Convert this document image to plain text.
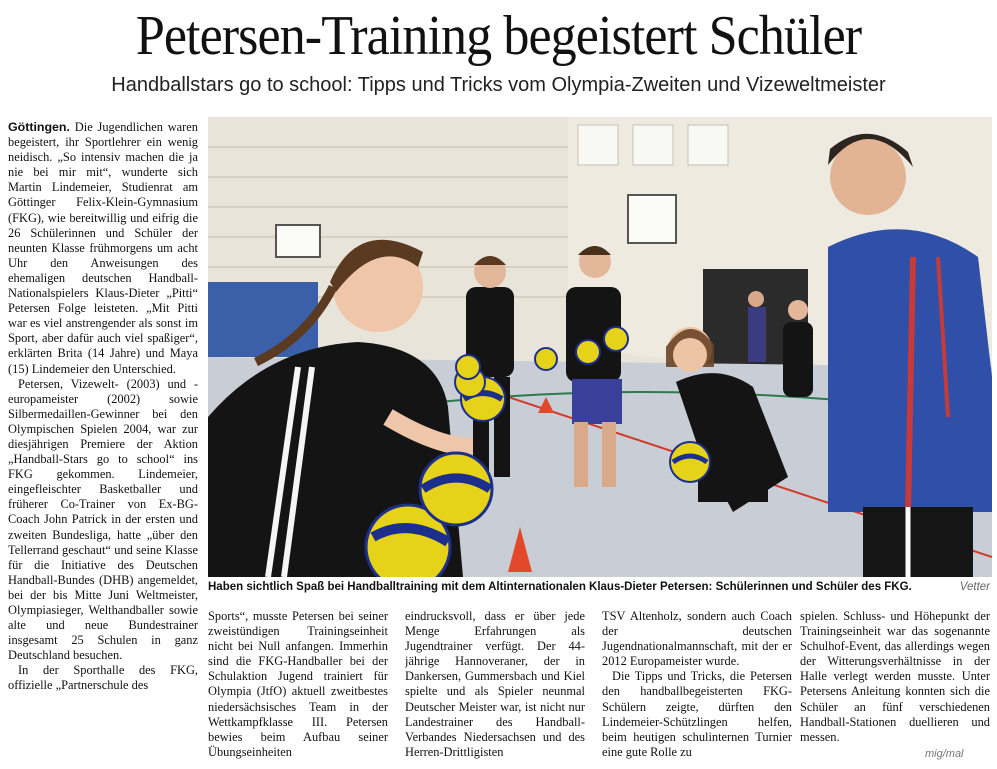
Petersen-Training begeistert Schüler
Handballstars go to school: Tipps und Tricks vom Olympia-Zweiten und Vizeweltmeister

Göttingen. Die Jugendlichen waren begeistert, ihr Sportlehrer ein wenig neidisch. „So intensiv machen die ja nie bei mir mit“, wunderte sich Martin Lindemeier, Studienrat am Göttinger Felix-Klein-Gymnasium (FKG), wie bereitwillig und eifrig die 26 Schülerinnen und Schüler der neunten Klasse frühmorgens um acht Uhr den Anweisungen des ehemaligen deutschen Handball-Nationalspielers Klaus-Dieter „Pitti“ Petersen Folge leisteten. „Mit Pitti war es viel anstrengender als sonst im Sport, aber dafür auch viel spaßiger“, erklärten Brita (14 Jahre) und Maya (15) Lindemeier den Unterschied.

Petersen, Vizewelt- (2003) und -europameister (2002) sowie Silbermedaillen-Gewinner bei den Olympischen Spielen 2004, war zur diesjährigen Premiere der Aktion „Handball-Stars go to school“ ins FKG gekommen. Lindemeier, eingefleischter Basketballer und früherer Co-Trainer von Ex-BG-Coach John Patrick in der ersten und zweiten Bundesliga, hatte „über den Tellerrand geschaut“ und seine Klasse für die Initiative des Deutschen Handball-Bundes (DHB) angemeldet, bei der bis Mitte Juni Weltmeister, Olympiasieger, Welthandballer sowie alte und neue Bundestrainer insgesamt 25 Schulen in ganz Deutschland besuchen.

In der Sporthalle des FKG, offizielle „Partnerschule des

Haben sichtlich Spaß bei Handballtraining mit dem Altinternationalen Klaus-Dieter Petersen: Schülerinnen und Schüler des FKG.	Vetter

Sports“, musste Petersen bei seiner zweistündigen Trainingseinheit nicht bei Null anfangen. Immerhin sind die FKG-Handballer bei der Schulaktion Jugend trainiert für Olympia (JtfO) aktuell zweitbestes niedersächsisches Team in der Wettkampfklasse III. Petersen bewies beim Aufbau seiner Übungseinheiten

eindrucksvoll, dass er über jede Menge Erfahrungen als Jugendtrainer verfügt. Der 44-jährige Hannoveraner, der in Dankersen, Gummersbach und Kiel spielte und als Spieler neunmal Deutscher Meister war, ist nicht nur Landestrainer des Handball-Verbandes Niedersachsen und des Herren-Drittligisten

TSV Altenholz, sondern auch Coach der deutschen Jugendnationalmannschaft, mit der er 2012 Europameister wurde.

Die Tipps und Tricks, die Petersen den handballbegeisterten FKG-Schülern zeigte, dürften den Lindemeier-Schützlingen helfen, beim heutigen schulinternen Turnier eine gute Rolle zu

spielen. Schluss- und Höhepunkt der Trainingseinheit war das sogenannte Schulhof-Event, das allerdings wegen der Witterungsverhältnisse in der Halle verlegt werden musste. Unter Petersens Anleitung konnten sich die Schüler an fünf verschiedenen Handball-Stationen duellieren und messen.

mig/mal
